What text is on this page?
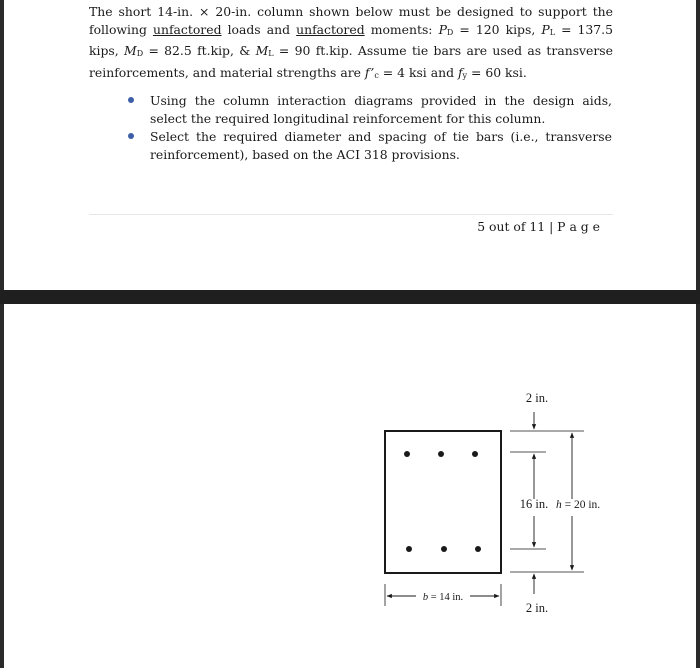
The short 14-in. × 20-in. column shown below must be designed to support the following unfactored loads and unfactored moments: PD = 120 kips, PL = 137.5 kips, MD = 82.5 ft.kip, & ML = 90 ft.kip. Assume tie bars are used as transverse reinforcements, and material strengths are f’c = 4 ksi and fy = 60 ksi.

Using the column interaction diagrams provided in the design aids, select the required longitudinal reinforcement for this column.
Select the required diameter and spacing of tie bars (i.e., transverse reinforcement), based on the ACI 318 provisions.
5 out of 11 | P a g e
2 in.
16 in. h = 20 in.
2 in.
b = 14 in.
